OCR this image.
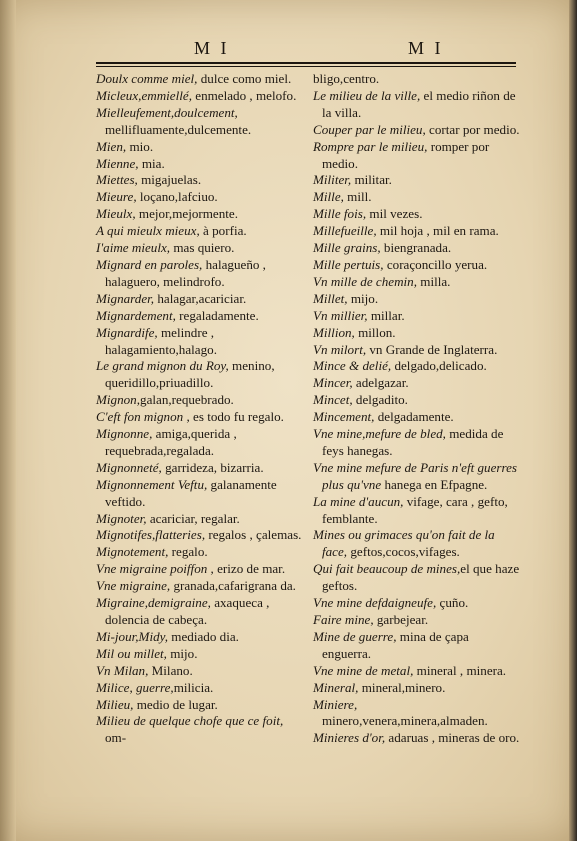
M I	M I

Doulx comme miel, dulce como miel.

Micleux,emmiellé, enmelado , melofo.

Mielleufement,doulcement, mellifluamente,dulcemente.

Mien, mio.

Mienne, mia.

Miettes, migajuelas.

Mieure, loçano,lafciuo.

Mieulx, mejor,mejormente.

A qui mieulx mieux, à porfia.

I'aime mieulx, mas quiero.

Mignard en paroles, halagueño , halaguero, melindrofo.

Mignarder, halagar,acariciar.

Mignardement, regaladamente.

Mignardife, melindre , halagamiento,halago.

Le grand mignon du Roy, menino, queridillo,priuadillo.

Mignon,galan,requebrado.

C'eft fon mignon , es todo fu regalo.

Mignonne, amiga,querida , requebrada,regalada.

Mignonneté, garrideza, bizarria.

Mignonnement Veftu, galanamente veftido.

Mignoter, acariciar, regalar.

Mignotifes,flatteries, regalos , çalemas.

Mignotement, regalo.

Vne migraine poiffon , erizo de mar.

Vne migraine, granada,cafarigrana da.

Migraine,demigraine, axaqueca , dolencia de cabeça.

Mi-jour,Midy, mediado dia.

Mil ou millet, mijo.

Vn Milan, Milano.

Milice, guerre,milicia.

Milieu, medio de lugar.

Milieu de quelque chofe que ce foit, om-

bligo,centro.

Le milieu de la ville, el medio riñon de la villa.

Couper par le milieu, cortar por medio.

Rompre par le milieu, romper por medio.

Militer, militar.

Mille, mill.

Mille fois, mil vezes.

Millefueille, mil hoja , mil en rama.

Mille grains, biengranada.

Mille pertuis, coraçoncillo yerua.

Vn mille de chemin, milla.

Millet, mijo.

Vn millier, millar.

Million, millon.

Vn milort, vn Grande de Inglaterra.

Mince & delié, delgado,delicado.

Mincer, adelgazar.

Mincet, delgadito.

Mincement, delgadamente.

Vne mine,mefure de bled, medida de feys hanegas.

Vne mine mefure de Paris n'eft guerres plus qu'vne hanega en Efpagne.

La mine d'aucun, vifage, cara , gefto, femblante.

Mines ou grimaces qu'on fait de la face, geftos,cocos,vifages.

Qui fait beaucoup de mines,el que haze geftos.

Vne mine defdaigneufe, çuño.

Faire mine, garbejear.

Mine de guerre, mina de çapa enguerra.

Vne mine de metal, mineral , minera.

Mineral, mineral,minero.

Miniere, minero,venera,minera,almaden.

Minieres d'or, adaruas , mineras de oro.
